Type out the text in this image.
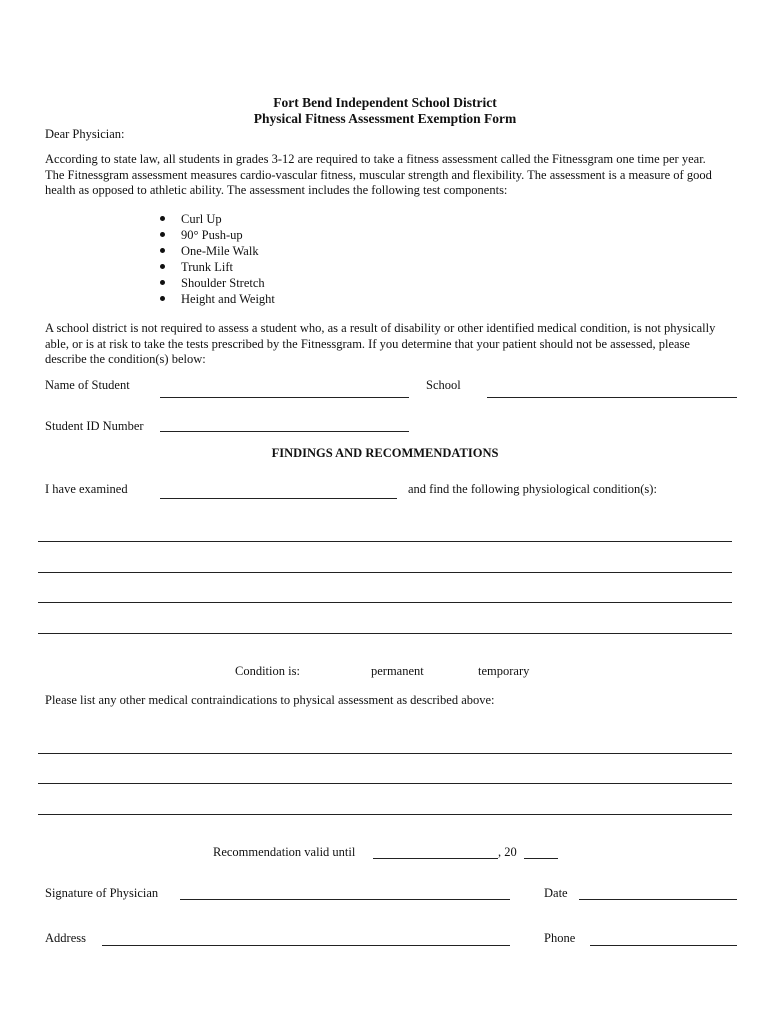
Fort Bend Independent School District
Physical Fitness Assessment Exemption Form
Dear Physician:
According to state law, all students in grades 3-12 are required to take a fitness assessment called the Fitnessgram one time per year. The Fitnessgram assessment measures cardio-vascular fitness, muscular strength and flexibility. The assessment is a measure of good health as opposed to athletic ability. The assessment includes the following test components:
Curl Up
90° Push-up
One-Mile Walk
Trunk Lift
Shoulder Stretch
Height and Weight
A school district is not required to assess a student who, as a result of disability or other identified medical condition, is not physically able, or is at risk to take the tests prescribed by the Fitnessgram. If you determine that your patient should not be assessed, please describe the condition(s) below:
Name of Student	School
Student ID Number
FINDINGS AND RECOMMENDATIONS
I have examined	and find the following physiological condition(s):
Condition is:	permanent	temporary
Please list any other medical contraindications to physical assessment as described above:
Recommendation valid until	, 20
Signature of Physician	Date
Address	Phone
